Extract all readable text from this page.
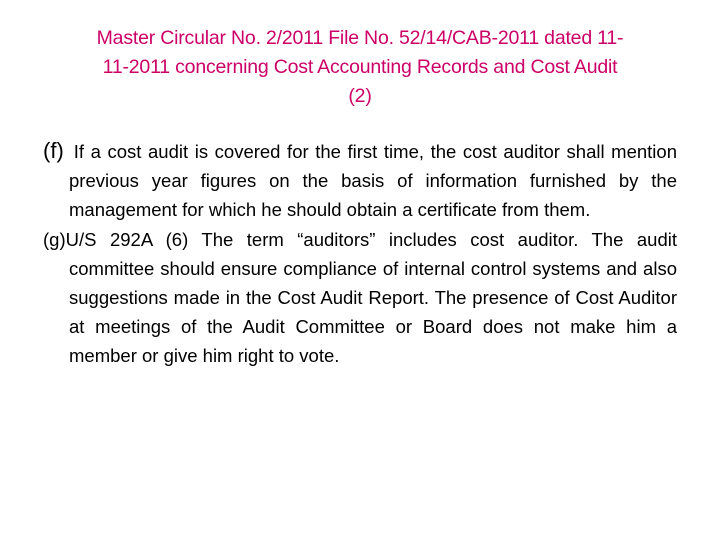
Master Circular No. 2/2011 File No. 52/14/CAB-2011 dated 11-
11-2011 concerning Cost Accounting Records and Cost Audit
(2)

(f) If a cost audit is covered for the first time, the cost auditor shall mention previous year figures on the basis of information furnished by the management for which he should obtain a certificate from them.

(g)U/S 292A (6) The term “auditors” includes cost auditor. The audit committee should ensure compliance of internal control systems and also suggestions made in the Cost Audit Report. The presence of Cost Auditor at meetings of the Audit Committee or Board does not make him a member or give him right to vote.
